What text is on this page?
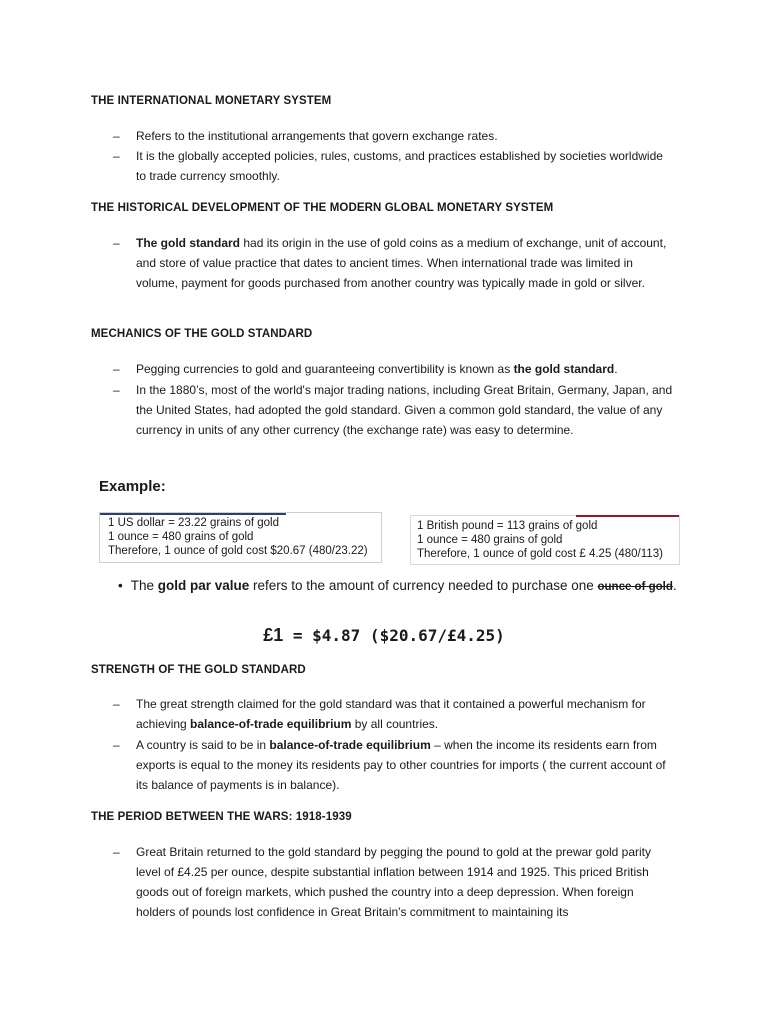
THE INTERNATIONAL MONETARY SYSTEM
– Refers to the institutional arrangements that govern exchange rates.
– It is the globally accepted policies, rules, customs, and practices established by societies worldwide to trade currency smoothly.
THE HISTORICAL DEVELOPMENT OF THE MODERN GLOBAL MONETARY SYSTEM
– The gold standard had its origin in the use of gold coins as a medium of exchange, unit of account, and store of value practice that dates to ancient times. When international trade was limited in volume, payment for goods purchased from another country was typically made in gold or silver.
MECHANICS OF THE GOLD STANDARD
– Pegging currencies to gold and guaranteeing convertibility is known as the gold standard.
– In the 1880’s, most of the world's major trading nations, including Great Britain, Germany, Japan, and the United States, had adopted the gold standard. Given a common gold standard, the value of any currency in units of any other currency (the exchange rate) was easy to determine.
Example:
1 US dollar = 23.22 grains of gold
1 ounce = 480 grains of gold
Therefore, 1 ounce of gold cost $20.67 (480/23.22)
1 British pound = 113 grains of gold
1 ounce = 480 grains of gold
Therefore, 1 ounce of gold cost £ 4.25 (480/113)
• The gold par value refers to the amount of currency needed to purchase one ounce of gold.
£1 = $4.87 ($20.67/£4.25)
STRENGTH OF THE GOLD STANDARD
– The great strength claimed for the gold standard was that it contained a powerful mechanism for achieving balance-of-trade equilibrium by all countries.
– A country is said to be in balance-of-trade equilibrium – when the income its residents earn from exports is equal to the money its residents pay to other countries for imports ( the current account of its balance of payments is in balance).
THE PERIOD BETWEEN THE WARS: 1918-1939
– Great Britain returned to the gold standard by pegging the pound to gold at the prewar gold parity level of £4.25 per ounce, despite substantial inflation between 1914 and 1925. This priced British goods out of foreign markets, which pushed the country into a deep depression. When foreign holders of pounds lost confidence in Great Britain's commitment to maintaining its
